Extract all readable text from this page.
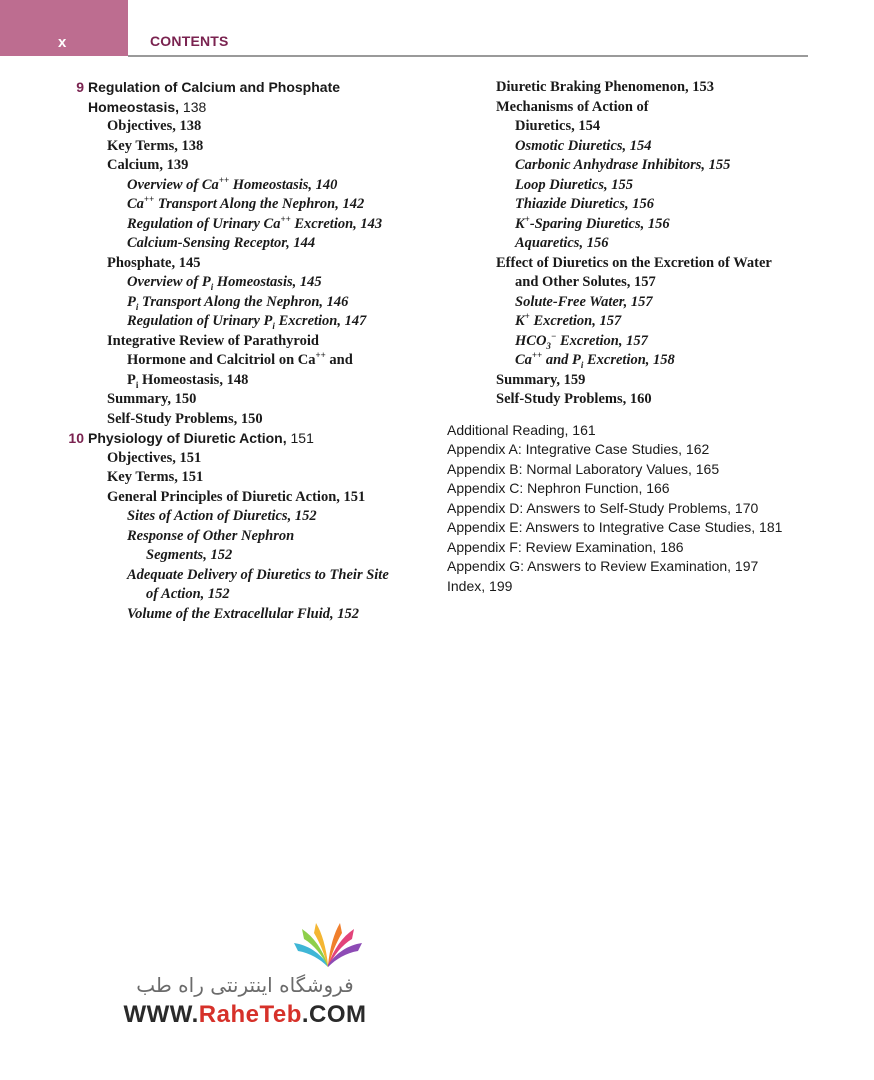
x	CONTENTS
9 Regulation of Calcium and Phosphate
Homeostasis, 138
Objectives, 138
Key Terms, 138
Calcium, 139
Overview of Ca++ Homeostasis, 140
Ca++ Transport Along the Nephron, 142
Regulation of Urinary Ca++ Excretion, 143
Calcium-Sensing Receptor, 144
Phosphate, 145
Overview of $P_i$ Homeostasis, 145
$P_i$ Transport Along the Nephron, 146
Regulation of Urinary $P_i$ Excretion, 147
Integrative Review of Parathyroid
Hormone and Calcitriol on Ca++ and
$P_i$ Homeostasis, 148
Summary, 150
Self-Study Problems, 150
10 Physiology of Diuretic Action, 151
Objectives, 151
Key Terms, 151
General Principles of Diuretic Action, 151
Sites of Action of Diuretics, 152
Response of Other Nephron
Segments, 152
Adequate Delivery of Diuretics to Their Site
of Action, 152
Volume of the Extracellular Fluid, 152
Diuretic Braking Phenomenon, 153
Mechanisms of Action of
Diuretics, 154
Osmotic Diuretics, 154
Carbonic Anhydrase Inhibitors, 155
Loop Diuretics, 155
Thiazide Diuretics, 156
K+-Sparing Diuretics, 156
Aquaretics, 156
Effect of Diuretics on the Excretion of Water
and Other Solutes, 157
Solute-Free Water, 157
K+ Excretion, 157
$HCO_3^-$ Excretion, 157
Ca++ and $P_i$ Excretion, 158
Summary, 159
Self-Study Problems, 160
Additional Reading, 161
Appendix A: Integrative Case Studies, 162
Appendix B: Normal Laboratory Values, 165
Appendix C: Nephron Function, 166
Appendix D: Answers to Self-Study Problems, 170
Appendix E: Answers to Integrative Case Studies, 181
Appendix F: Review Examination, 186
Appendix G: Answers to Review Examination, 197
Index, 199
فروشگاه اینترنتی راه طب
WWW.RaheTeb.COM
